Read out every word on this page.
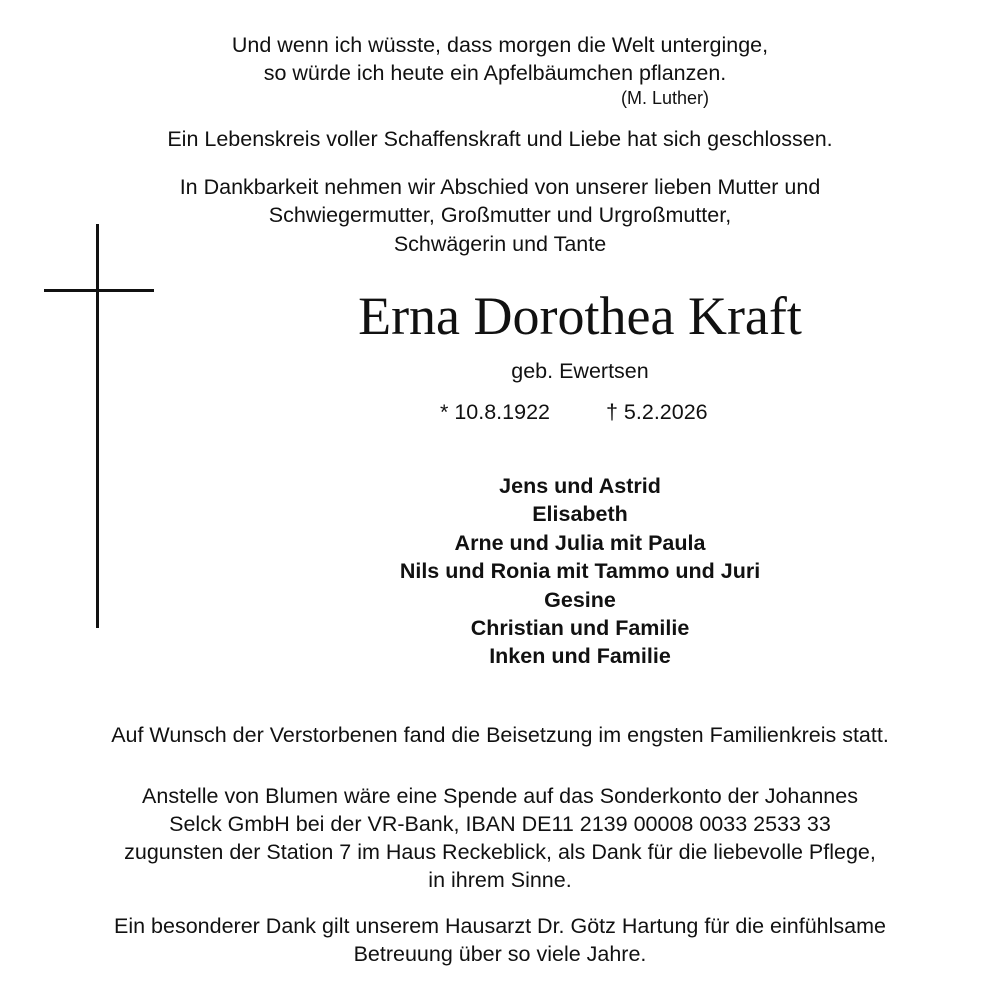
Und wenn ich wüsste, dass morgen die Welt unterginge,
so würde ich heute ein Apfelbäumchen pflanzen.
(M. Luther)
Ein Lebenskreis voller Schaffenskraft und Liebe hat sich geschlossen.
In Dankbarkeit nehmen wir Abschied von unserer lieben Mutter und
Schwiegermutter, Großmutter und Urgroßmutter,
Schwägerin und Tante
Erna Dorothea Kraft
geb. Ewertsen
* 10.8.1922	† 5.2.2026
Jens und Astrid
Elisabeth
Arne und Julia mit Paula
Nils und Ronia mit Tammo und Juri
Gesine
Christian und Familie
Inken und Familie
Auf Wunsch der Verstorbenen fand die Beisetzung im engsten Familienkreis statt.
Anstelle von Blumen wäre eine Spende auf das Sonderkonto der Johannes
Selck GmbH bei der VR-Bank, IBAN DE11 2139 00008 0033 2533 33
zugunsten der Station 7 im Haus Reckeblick, als Dank für die liebevolle Pflege,
in ihrem Sinne.
Ein besonderer Dank gilt unserem Hausarzt Dr. Götz Hartung für die einfühlsame
Betreuung über so viele Jahre.
